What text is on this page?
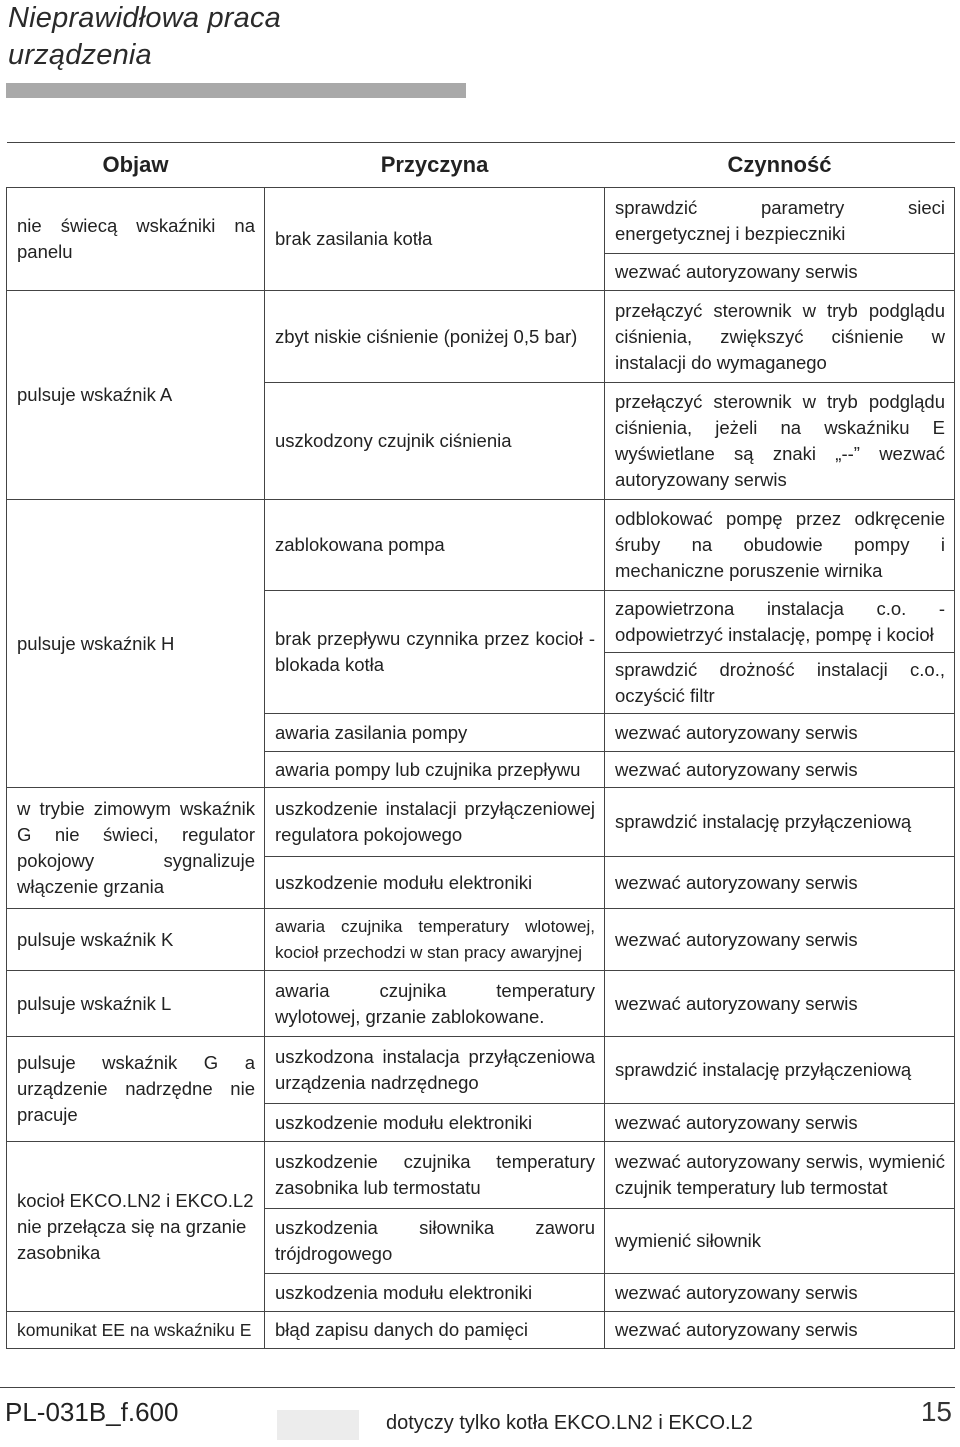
Nieprawidłowa praca
urządzenia
Objaw	Przyczyna	Czynność
nie świecą wskaźniki na panelu	brak zasilania kotła	sprawdzić parametry sieci energetycznej i bezpieczniki
		wezwać autoryzowany serwis
pulsuje wskaźnik A	zbyt niskie ciśnienie (poniżej 0,5 bar)	przełączyć sterownik w tryb podglądu ciśnienia, zwiększyć ciśnienie w instalacji do wymaganego
	uszkodzony czujnik ciśnienia	przełączyć sterownik w tryb podglądu ciśnienia, jeżeli na wskaźniku E wyświetlane są znaki „--” wezwać autoryzowany serwis
pulsuje wskaźnik H	zablokowana pompa	odblokować pompę przez odkręcenie śruby na obudowie pompy i mechaniczne poruszenie wirnika
	brak przepływu czynnika przez kocioł - blokada kotła	zapowietrzona instalacja c.o. - odpowietrzyć instalację, pompę i kocioł
		sprawdzić drożność instalacji c.o., oczyścić filtr
	awaria zasilania pompy	wezwać autoryzowany serwis
	awaria pompy lub czujnika przepływu	wezwać autoryzowany serwis
w trybie zimowym wskaźnik G nie świeci, regulator pokojowy sygnalizuje włączenie grzania	uszkodzenie instalacji przyłączeniowej regulatora pokojowego	sprawdzić instalację przyłączeniową
	uszkodzenie modułu elektroniki	wezwać autoryzowany serwis
pulsuje wskaźnik K	awaria czujnika temperatury wlotowej, kocioł przechodzi w stan pracy awaryjnej	wezwać autoryzowany serwis
pulsuje wskaźnik L	awaria czujnika temperatury wylotowej, grzanie zablokowane.	wezwać autoryzowany serwis
pulsuje wskaźnik G a urządzenie nadrzędne nie pracuje	uszkodzona instalacja przyłączeniowa urządzenia nadrzędnego	sprawdzić instalację przyłączeniową
	uszkodzenie modułu elektroniki	wezwać autoryzowany serwis
kocioł EKCO.LN2 i EKCO.L2 nie przełącza się na grzanie zasobnika	uszkodzenie czujnika temperatury zasobnika lub termostatu	wezwać autoryzowany serwis, wymienić czujnik temperatury lub termostat
	uszkodzenia siłownika zaworu trójdrogowego	wymienić siłownik
	uszkodzenia modułu elektroniki	wezwać autoryzowany serwis
komunikat EE na wskaźniku E	błąd zapisu danych do pamięci	wezwać autoryzowany serwis
PL-031B_f.600	dotyczy tylko kotła EKCO.LN2 i EKCO.L2	15
